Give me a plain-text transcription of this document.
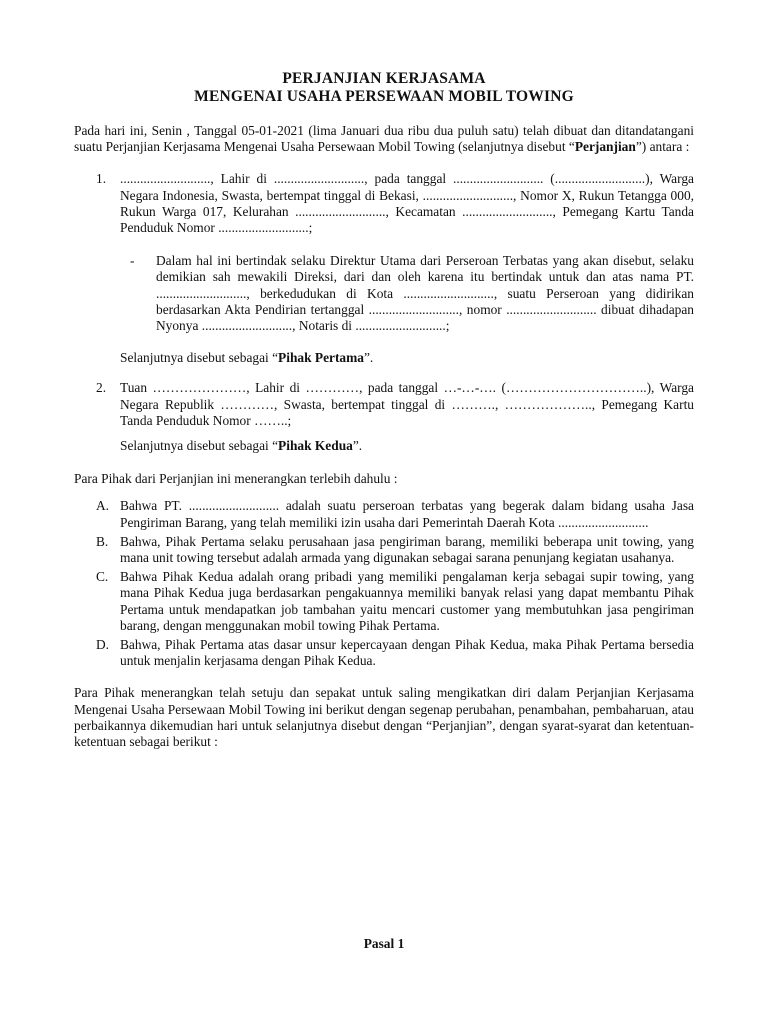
PERJANJIAN KERJASAMA
MENGENAI USAHA PERSEWAAN MOBIL TOWING

Pada hari ini, Senin , Tanggal 05-01-2021 (lima Januari dua ribu dua puluh satu) telah dibuat dan ditandatangani suatu Perjanjian Kerjasama Mengenai Usaha Persewaan Mobil Towing (selanjutnya disebut “Perjanjian”) antara :

1.	..........................., Lahir di ..........................., pada tanggal ........................... (...........................), Warga Negara Indonesia, Swasta, bertempat tinggal di Bekasi, ..........................., Nomor X, Rukun Tetangga 000, Rukun Warga 017, Kelurahan ..........................., Kecamatan ..........................., Pemegang Kartu Tanda Penduduk Nomor ...........................;

-	Dalam hal ini bertindak selaku Direktur Utama dari Perseroan Terbatas yang akan disebut, selaku demikian sah mewakili Direksi, dari dan oleh karena itu bertindak untuk dan atas nama PT. ..........................., berkedudukan di Kota ..........................., suatu Perseroan yang didirikan berdasarkan Akta Pendirian tertanggal ..........................., nomor ........................... dibuat dihadapan Nyonya ..........................., Notaris di ...........................;

Selanjutnya disebut sebagai “Pihak Pertama”.

2.	Tuan …………………, Lahir di …………, pada tanggal …-…-…. (…………………………..), Warga Negara Republik …………, Swasta, bertempat tinggal di ………., ……………….., Pemegang Kartu Tanda Penduduk Nomor ……..;

Selanjutnya disebut sebagai “Pihak Kedua”.

Para Pihak dari Perjanjian ini menerangkan terlebih dahulu :

A. Bahwa PT. ........................... adalah suatu perseroan terbatas yang begerak dalam bidang usaha Jasa Pengiriman Barang, yang telah memiliki izin usaha dari Pemerintah Daerah Kota ...........................

B. Bahwa, Pihak Pertama selaku perusahaan jasa pengiriman barang, memiliki beberapa unit towing, yang mana unit towing tersebut adalah armada yang digunakan sebagai sarana penunjang kegiatan usahanya.

C. Bahwa Pihak Kedua adalah orang pribadi yang memiliki pengalaman kerja sebagai supir towing, yang mana Pihak Kedua juga berdasarkan pengakuannya memiliki banyak relasi yang dapat membantu Pihak Pertama untuk mendapatkan job tambahan yaitu mencari customer yang membutuhkan jasa pengiriman barang, dengan menggunakan mobil towing Pihak Pertama.

D. Bahwa, Pihak Pertama atas dasar unsur kepercayaan dengan Pihak Kedua, maka Pihak Pertama bersedia untuk menjalin kerjasama dengan Pihak Kedua.

Para Pihak menerangkan telah setuju dan sepakat untuk saling mengikatkan diri dalam Perjanjian Kerjasama Mengenai Usaha Persewaan Mobil Towing ini berikut dengan segenap perubahan, penambahan, pembaharuan, atau perbaikannya dikemudian hari untuk selanjutnya disebut dengan “Perjanjian”, dengan syarat-syarat dan ketentuan-ketentuan sebagai berikut :

Pasal 1
